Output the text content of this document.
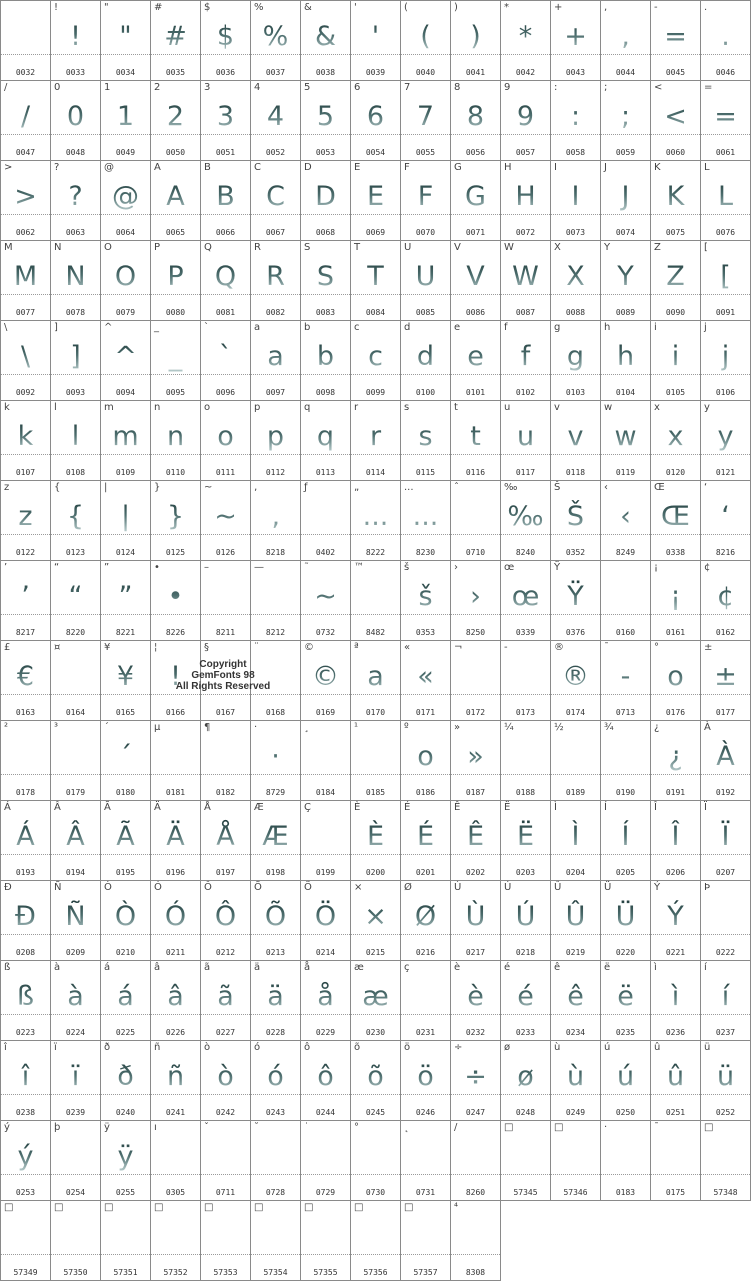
0032
!
!
0033
"
"
0034
#
#
0035
$
$
0036
%
%
0037
&
&
0038
'
'
0039
(
(
0040
)
)
0041
*
*
0042
+
+
0043
,
,
0044
-
=
0045
.
.
0046
/
/
0047
0
0
0048
1
1
0049
2
2
0050
3
3
0051
4
4
0052
5
5
0053
6
6
0054
7
7
0055
8
8
0056
9
9
0057
:
:
0058
;
;
0059
<
<
0060
=
=
0061
>
>
0062
?
?
0063
@
@
0064
A
A
0065
B
B
0066
C
C
0067
D
D
0068
E
E
0069
F
F
0070
G
G
0071
H
H
0072
I
I
0073
J
J
0074
K
K
0075
L
L
0076
M
M
0077
N
N
0078
O
O
0079
P
P
0080
Q
Q
0081
R
R
0082
S
S
0083
T
T
0084
U
U
0085
V
V
0086
W
W
0087
X
X
0088
Y
Y
0089
Z
Z
0090
[
[
0091
\
\
0092
]
]
0093
^
^
0094
_
_
0095
`
`
0096
a
a
0097
b
b
0098
c
c
0099
d
d
0100
e
e
0101
f
f
0102
g
g
0103
h
h
0104
i
i
0105
j
j
0106
k
k
0107
l
l
0108
m
m
0109
n
n
0110
o
o
0111
p
p
0112
q
q
0113
r
r
0114
s
s
0115
t
t
0116
u
u
0117
v
v
0118
w
w
0119
x
x
0120
y
y
0121
z
z
0122
{
{
0123
|
|
0124
}
}
0125
~
~
0126
‚
‚
8218
ƒ
0402
„
...
8222
...
...
8230
ˆ
0710
‰
‰
8240
Š
Š
0352
‹
‹
8249
Œ
Œ
0338
‘
‘
8216
’
’
8217
“
“
8220
”
”
8221
•
•
8226
–
8211
—
8212
˜
~
0732
™
8482
š
š
0353
›
›
8250
œ
œ
0339
Ÿ
Ÿ
0376	0160
¡
¡
0161
¢
¢
0162
£
€
0163
¤
0164
¥
¥
0165
¦
!
0166
§
0167
¨
0168
©
©
0169
ª
a
0170
«
«
0171
¬
0172
-
0173
®
®
0174
¯
-
0713
°
o
0176
±
±
0177
²
0178
³
0179
´
´
0180
µ
0181
¶
0182
·
·
8729
¸
0184
¹
0185
º
o
0186
»
»
0187
¼
0188
½
0189
¾
0190
¿
¿
0191
À
À
0192
Á
Á
0193
Â
Â
0194
Ã
Ã
0195
Ä
Ä
0196
Å
Å
0197
Æ
Æ
0198
Ç
0199
È
È
0200
É
É
0201
Ê
Ê
0202
Ë
Ë
0203
Ì
Ì
0204
Í
Í
0205
Î
Î
0206
Ï
Ï
0207
Ð
Ð
0208
Ñ
Ñ
0209
Ò
Ò
0210
Ó
Ó
0211
Ô
Ô
0212
Õ
Õ
0213
Ö
Ö
0214
×
×
0215
Ø
Ø
0216
Ù
Ù
0217
Ú
Ú
0218
Û
Û
0219
Ü
Ü
0220
Ý
Ý
0221
Þ
0222
ß
ß
0223
à
à
0224
á
á
0225
â
â
0226
ã
ã
0227
ä
ä
0228
å
å
0229
æ
æ
0230
ç
0231
è
è
0232
é
é
0233
ê
ê
0234
ë
ë
0235
ì
ì
0236
í
í
0237
î
î
0238
ï
ï
0239
ð
ð
0240
ñ
ñ
0241
ò
ò
0242
ó
ó
0243
ô
ô
0244
õ
õ
0245
ö
ö
0246
÷
÷
0247
ø
ø
0248
ù
ù
0249
ú
ú
0250
û
û
0251
ü
ü
0252
ý
ý
0253
þ
0254
ÿ
ÿ
0255
ı
0305
ˇ
0711
˘
0728
˙
0729
°
0730
˛
0731
/
8260
□
57345
□
57346
·
0183
¯
0175
□
57348
□
57349
□
57350
□
57351
□
57352
□
57353
□
57354
□
57355
□
57356
□
57357
⁴
8308
Copyright
GemFonts 98
All Rights Reserved
